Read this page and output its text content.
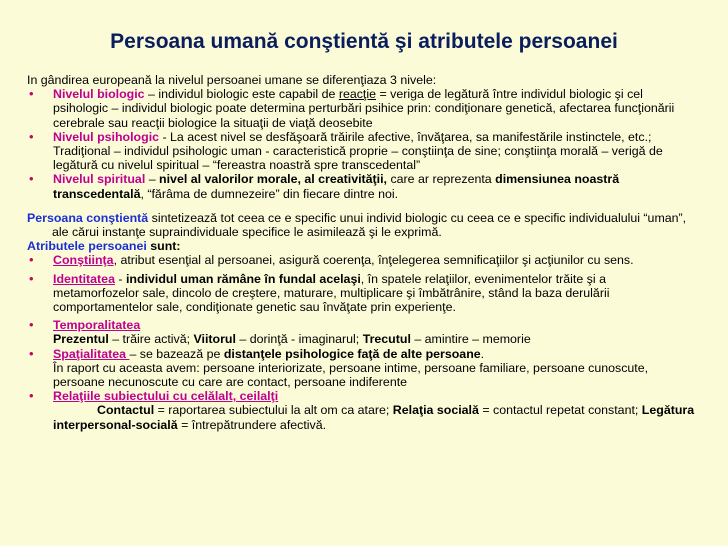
Persoana umană conştientă şi atributele persoanei

In gândirea europeană la nivelul persoanei umane se diferenţiaza 3 nivele:

• Nivelul biologic – individul biologic este capabil de reacţie = veriga de legătură între individul biologic şi cel psihologic – individul biologic poate determina perturbări psihice prin: condiţionare genetică, afectarea funcţionării cerebrale sau reacţii biologice la situaţii de viaţă deosebite
• Nivelul psihologic - La acest nivel se desfăşoară trăirile afective, învăţarea, sa manifestările instinctele, etc.; Tradiţional – individul psihologic uman - caracteristică proprie – conştiinţa de sine; conştiinţa morală – verigă de legătură cu nivelul spiritual – “fereastra noastră spre transcedental”
• Nivelul spiritual – nivel al valorilor morale, al creativităţii, care ar reprezenta dimensiunea noastră transcedentală, “fărâma de dumnezeire” din fiecare dintre noi.

Persoana conştientă sintetizează tot ceea ce e specific unui individ biologic cu ceea ce e specific individualului “uman”, ale cărui instanţe supraindividuale specifice le asimilează şi le exprimă.

Atributele persoanei sunt:

• Conştiinţa, atribut esenţial al persoanei, asigură coerenţa, înţelegerea semnificaţiilor şi acţiunilor cu sens.
• Identitatea - individul uman rămâne în fundal acelaşi, în spatele relaţiilor, evenimentelor trăite şi a metamorfozelor sale, dincolo de creştere, maturare, multiplicare şi îmbătrânire, stând la baza derulării comportamentelor sale, condiţionate genetic sau învăţate prin experienţe.
• Temporalitatea

Prezentul – trăire activă; Viitorul – dorinţă - imaginarul; Trecutul – amintire – memorie

• Spaţialitatea – se bazează pe distanţele psihologice faţă de alte persoane.

În raport cu aceasta avem: persoane interiorizate, persoane intime, persoane familiare, persoane cunoscute, persoane necunoscute cu care are contact, persoane indiferente

• Relaţiile subiectului cu celălalt, ceilalţi

Contactul = raportarea subiectului la alt om ca atare; Relaţia socială = contactul repetat constant; Legătura interpersonal-socială = întrepătrundere afectivă.
